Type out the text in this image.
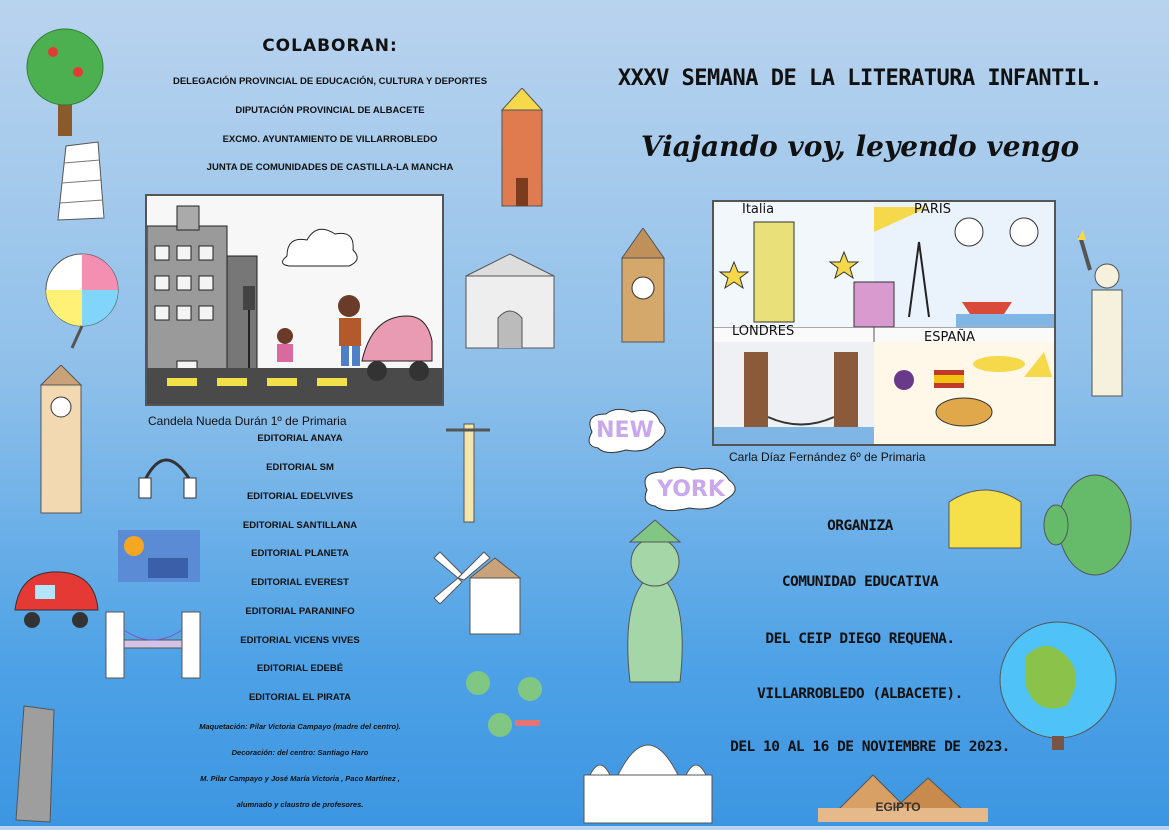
COLABORAN:
DELEGACIÓN PROVINCIAL DE EDUCACIÓN, CULTURA Y DEPORTES
DIPUTACIÓN PROVINCIAL DE ALBACETE
EXCMO. AYUNTAMIENTO DE VILLARROBLEDO
JUNTA DE COMUNIDADES DE CASTILLA-LA MANCHA
Candela Nueda Durán 1º de Primaria
EDITORIAL ANAYA
EDITORIAL SM
EDITORIAL EDELVIVES
EDITORIAL SANTILLANA
EDITORIAL PLANETA
EDITORIAL EVEREST
EDITORIAL PARANINFO
EDITORIAL VICENS VIVES
EDITORIAL EDEBÉ
EDITORIAL EL PIRATA
Maquetación: Pilar Victoria Campayo (madre del centro).
Decoración: del centro: Santiago Haro
M. Pilar Campayo y José María Victoria , Paco Martínez ,
alumnado y claustro de profesores.
XXXV SEMANA DE LA LITERATURA INFANTIL.
Viajando voy, leyendo vengo
Italia	PARIS
LONDRES	ESPAÑA
Carla Díaz Fernández 6º de Primaria
ORGANIZA
COMUNIDAD EDUCATIVA
DEL CEIP DIEGO REQUENA.
VILLARROBLEDO (ALBACETE).
DEL 10 AL 16 DE NOVIEMBRE DE 2023.
NEW
YORK
EGIPTO
